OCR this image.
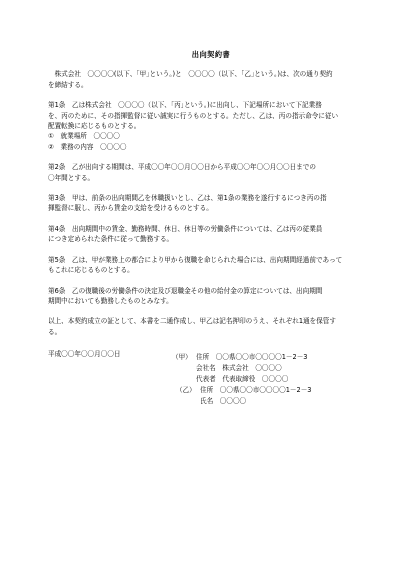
出向契約書
　株式会社　〇〇〇〇(以下、｢甲｣という。)と　〇〇〇〇（以下、｢乙｣という。)は、次の通り契約
を締結する。
第1条　乙は株式会社　〇〇〇〇（以下、｢丙｣という。)に出向し、下記場所において下記業務
を、丙のために、その指揮監督に従い誠実に行うものとする。ただし、乙は、丙の指示命令に従い
配置転換に応じるものとする。
①　就業場所　〇〇〇〇
②　業務の内容　〇〇〇〇
第2条　乙が出向する期間は、平成〇〇年〇〇月〇〇日から平成〇〇年〇〇月〇〇日までの
〇年間とする。
第3条　甲は、前条の出向期間乙を休職扱いとし、乙は、第1条の業務を遂行するにつき丙の指
揮監督に服し、丙から賃金の支給を受けるものとする。
第4条　出向期間中の賃金、勤務時間、休日、休日等の労働条件については、乙は丙の従業員
につき定められた条件に従って勤務する。
第5条　乙は、甲が業務上の都合により甲から復職を命じられた場合には、出向期間経過前であって
もこれに応じるものとする。
第6条　乙の復職後の労働条件の決定及び退職金その他の給付金の算定については、出向期間
期間中においても勤務したものとみなす。
以上、本契約成立の証として、本書を二通作成し、甲乙は記名押印のうえ、それぞれ1通を保管す
る。
平成〇〇年〇〇月〇〇日	（甲） 住所　〇〇県〇〇市〇〇〇〇1－2－3
会社名　株式会社　〇〇〇〇
代表者　代表取締役　〇〇〇〇
（乙） 住所　〇〇県〇〇市〇〇〇〇1－2－3
氏名　〇〇〇〇
